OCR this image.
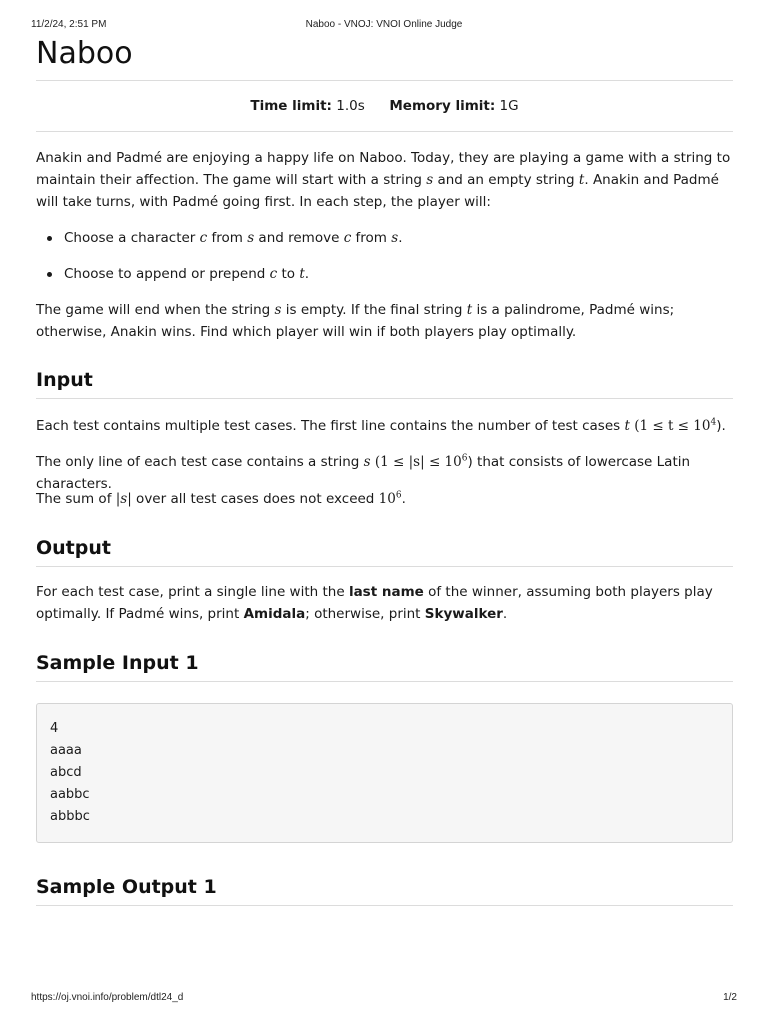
11/2/24, 2:51 PM	Naboo - VNOJ: VNOI Online Judge
Naboo
Time limit: 1.0s Memory limit: 1G

Anakin and Padmé are enjoying a happy life on Naboo. Today, they are playing a game with a string to maintain their affection. The game will start with a string s and an empty string t. Anakin and Padmé will take turns, with Padmé going first. In each step, the player will:

Choose a character c from s and remove c from s.
Choose to append or prepend c to t.

The game will end when the string s is empty. If the final string t is a palindrome, Padmé wins; otherwise, Anakin wins. Find which player will win if both players play optimally.

Input

Each test contains multiple test cases. The first line contains the number of test cases t $(1 \le t \le 10^4)$.

The only line of each test case contains a string s $(1 \le |s| \le 10^6)$ that consists of lowercase Latin characters.

The sum of |s| over all test cases does not exceed $10^6$.

Output

For each test case, print a single line with the last name of the winner, assuming both players play optimally. If Padmé wins, print Amidala; otherwise, print Skywalker.

Sample Input 1
4
aaaa
abcd
aabbc
abbbc
Sample Output 1
https://oj.vnoi.info/problem/dtl24_d	1/2
